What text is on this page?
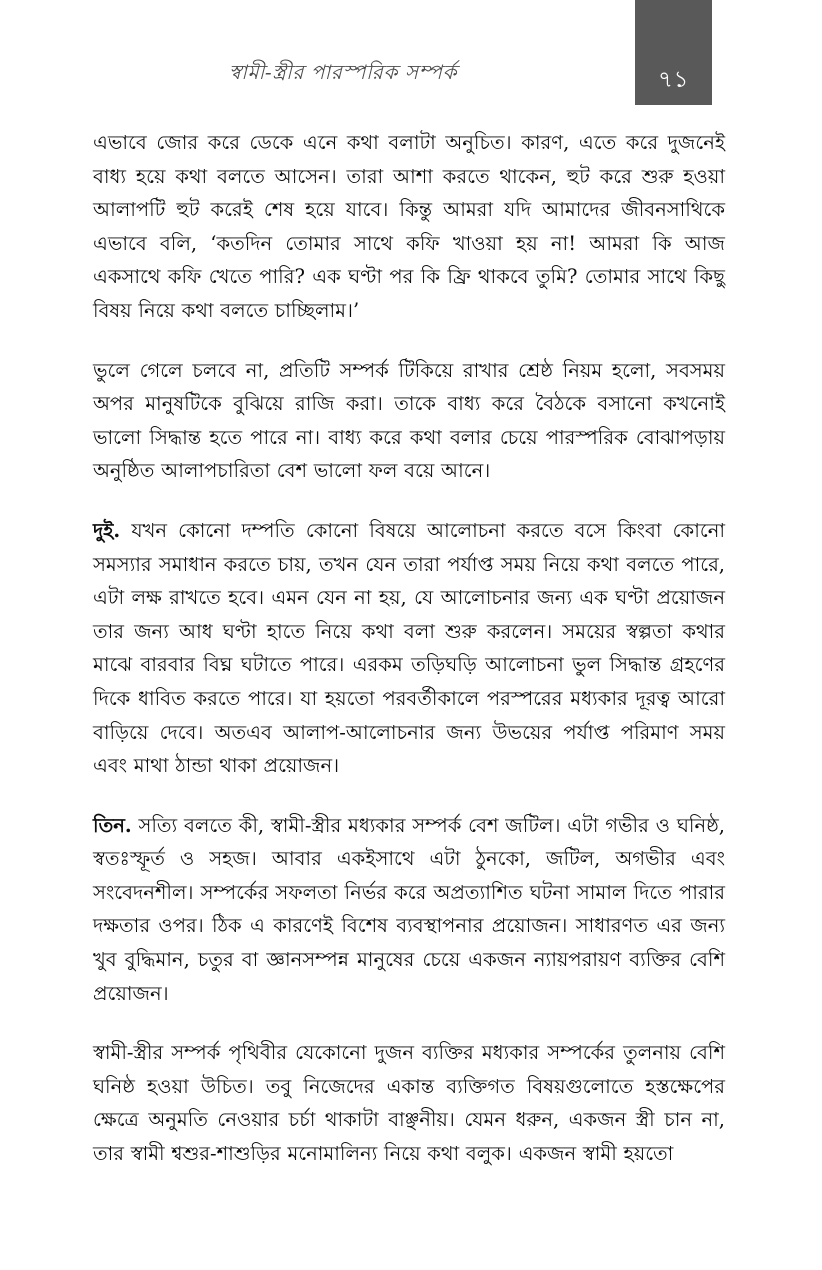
৭১
স্বামী-স্ত্রীর পারস্পরিক সম্পর্ক

এভাবে জোর করে ডেকে এনে কথা বলাটা অনুচিত। কারণ, এতে করে দুজনেই বাধ্য হয়ে কথা বলতে আসেন। তারা আশা করতে থাকেন, হুট করে শুরু হওয়া আলাপটি হুট করেই শেষ হয়ে যাবে। কিন্তু আমরা যদি আমাদের জীবনসাথিকে এভাবে বলি, ‘কতদিন তোমার সাথে কফি খাওয়া হয় না! আমরা কি আজ একসাথে কফি খেতে পারি? এক ঘণ্টা পর কি ফ্রি থাকবে তুমি? তোমার সাথে কিছু বিষয় নিয়ে কথা বলতে চাচ্ছিলাম।’

ভুলে গেলে চলবে না, প্রতিটি সম্পর্ক টিকিয়ে রাখার শ্রেষ্ঠ নিয়ম হলো, সবসময় অপর মানুষটিকে বুঝিয়ে রাজি করা। তাকে বাধ্য করে বৈঠকে বসানো কখনোই ভালো সিদ্ধান্ত হতে পারে না। বাধ্য করে কথা বলার চেয়ে পারস্পরিক বোঝাপড়ায় অনুষ্ঠিত আলাপচারিতা বেশ ভালো ফল বয়ে আনে।

দুই. যখন কোনো দম্পতি কোনো বিষয়ে আলোচনা করতে বসে কিংবা কোনো সমস্যার সমাধান করতে চায়, তখন যেন তারা পর্যাপ্ত সময় নিয়ে কথা বলতে পারে, এটা লক্ষ রাখতে হবে। এমন যেন না হয়, যে আলোচনার জন্য এক ঘণ্টা প্রয়োজন তার জন্য আধ ঘণ্টা হাতে নিয়ে কথা বলা শুরু করলেন। সময়ের স্বল্পতা কথার মাঝে বারবার বিঘ্ন ঘটাতে পারে। এরকম তড়িঘড়ি আলোচনা ভুল সিদ্ধান্ত গ্রহণের দিকে ধাবিত করতে পারে। যা হয়তো পরবর্তীকালে পরস্পরের মধ্যকার দূরত্ব আরো বাড়িয়ে দেবে। অতএব আলাপ-আলোচনার জন্য উভয়ের পর্যাপ্ত পরিমাণ সময় এবং মাথা ঠান্ডা থাকা প্রয়োজন।

তিন. সত্যি বলতে কী, স্বামী-স্ত্রীর মধ্যকার সম্পর্ক বেশ জটিল। এটা গভীর ও ঘনিষ্ঠ, স্বতঃস্ফূর্ত ও সহজ। আবার একইসাথে এটা ঠুনকো, জটিল, অগভীর এবং সংবেদনশীল। সম্পর্কের সফলতা নির্ভর করে অপ্রত্যাশিত ঘটনা সামাল দিতে পারার দক্ষতার ওপর। ঠিক এ কারণেই বিশেষ ব্যবস্থাপনার প্রয়োজন। সাধারণত এর জন্য খুব বুদ্ধিমান, চতুর বা জ্ঞানসম্পন্ন মানুষের চেয়ে একজন ন্যায়পরায়ণ ব্যক্তির বেশি প্রয়োজন।

স্বামী-স্ত্রীর সম্পর্ক পৃথিবীর যেকোনো দুজন ব্যক্তির মধ্যকার সম্পর্কের তুলনায় বেশি ঘনিষ্ঠ হওয়া উচিত। তবু নিজেদের একান্ত ব্যক্তিগত বিষয়গুলোতে হস্তক্ষেপের ক্ষেত্রে অনুমতি নেওয়ার চর্চা থাকাটা বাঞ্ছনীয়। যেমন ধরুন, একজন স্ত্রী চান না, তার স্বামী শ্বশুর-শাশুড়ির মনোমালিন্য নিয়ে কথা বলুক। একজন স্বামী হয়তো
